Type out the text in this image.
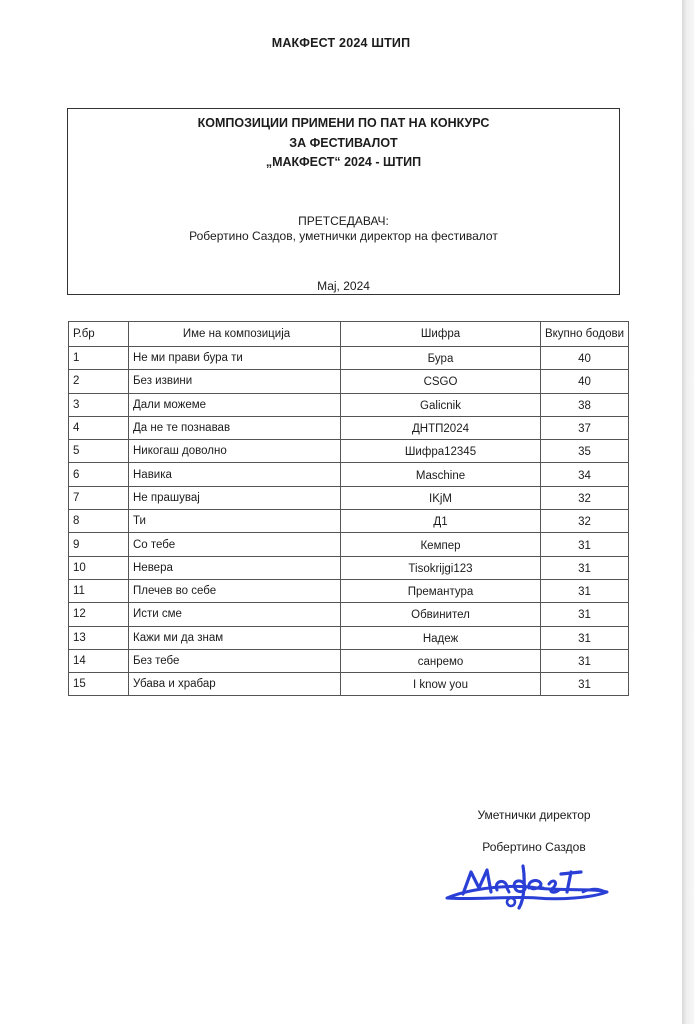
МАКФЕСТ 2024 ШТИП
КОМПОЗИЦИИ ПРИМЕНИ ПО ПАТ НА КОНКУРС
ЗА ФЕСТИВАЛОТ
„МАКФЕСТ“ 2024 - ШТИП
ПРЕТСЕДАВАЧ:
Робертино Саздов, уметнички директор на фестивалот
Мај, 2024
Р.бр	Име на композиција	Шифра	Вкупно бодови
1	Не ми прави бура ти	Бура	40
2	Без извини	CSGO	40
3	Дали можеме	Galicnik	38
4	Да не те познавав	ДНТП2024	37
5	Никогаш доволно	Шифра12345	35
6	Навика	Maschine	34
7	Не прашувај	IKjM	32
8	Ти	Д1	32
9	Со тебе	Кемпер	31
10	Невера	Tisokrijgi123	31
11	Плечев во себе	Премантура	31
12	Исти сме	Обвинител	31
13	Кажи ми да знам	Надеж	31
14	Без тебе	санремо	31
15	Убава и храбар	I know you	31
Уметнички директор
Робертино Саздов
